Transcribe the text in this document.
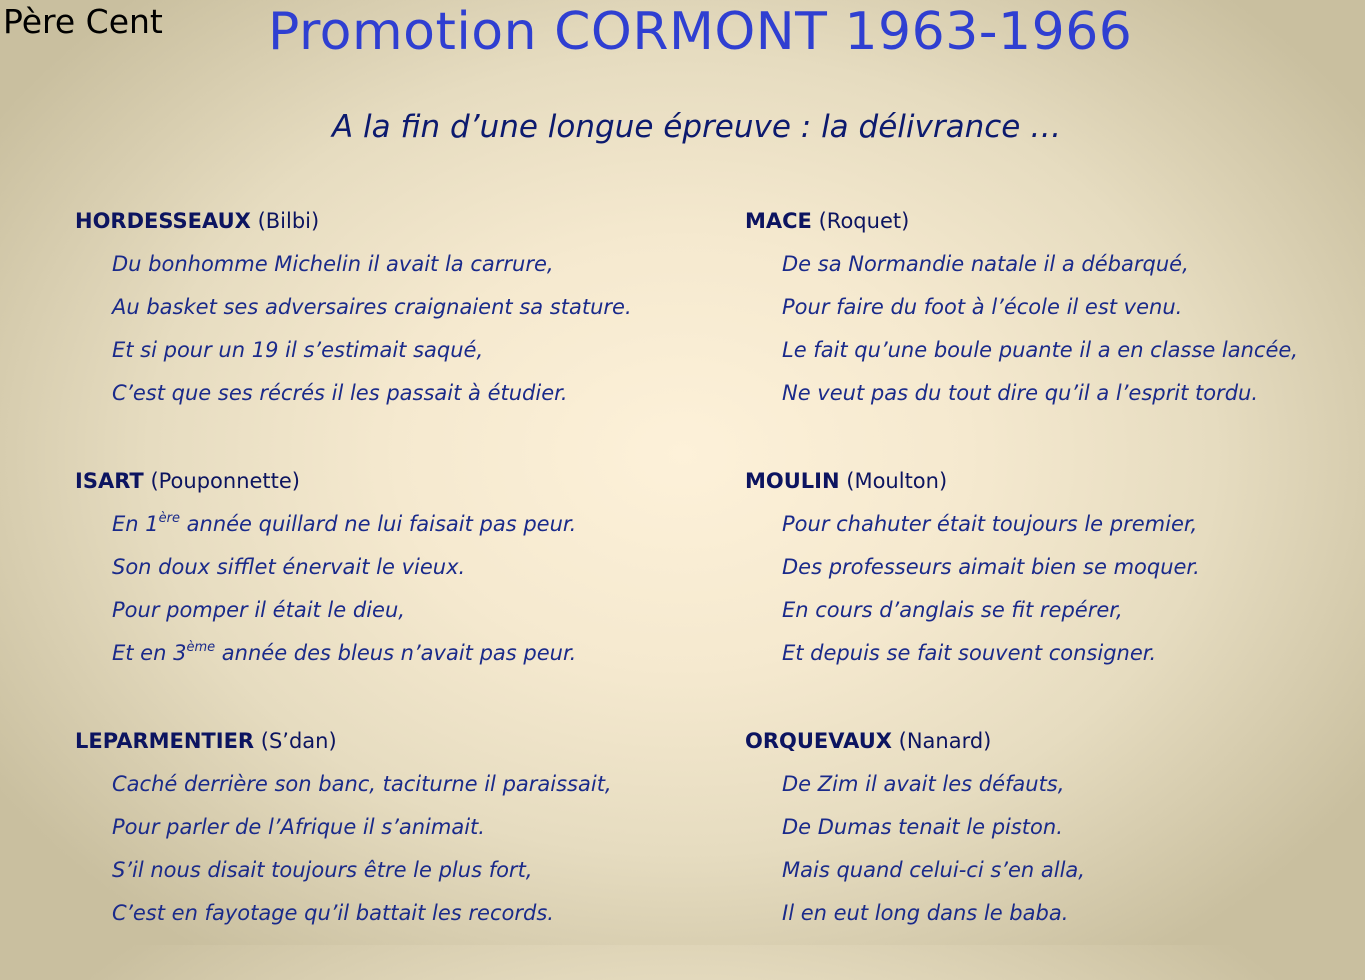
Père Cent Promotion CORMONT 1963-1966
A la fin d’une longue épreuve : la délivrance …
HORDESSEAUX (Bilbi)
Du bonhomme Michelin il avait la carrure,
Au basket ses adversaires craignaient sa stature.
Et si pour un 19 il s’estimait saqué,
C’est que ses récrés il les passait à étudier.
ISART (Pouponnette)
En 1ère année quillard ne lui faisait pas peur.
Son doux sifflet énervait le vieux.
Pour pomper il était le dieu,
Et en 3ème année des bleus n’avait pas peur.
LEPARMENTIER (S’dan)
Caché derrière son banc, taciturne il paraissait,
Pour parler de l’Afrique il s’animait.
S’il nous disait toujours être le plus fort,
C’est en fayotage qu’il battait les records.
MACE (Roquet)
De sa Normandie natale il a débarqué,
Pour faire du foot à l’école il est venu.
Le fait qu’une boule puante il a en classe lancée,
Ne veut pas du tout dire qu’il a l’esprit tordu.
MOULIN (Moulton)
Pour chahuter était toujours le premier,
Des professeurs aimait bien se moquer.
En cours d’anglais se fit repérer,
Et depuis se fait souvent consigner.
ORQUEVAUX (Nanard)
De Zim il avait les défauts,
De Dumas tenait le piston.
Mais quand celui-ci s’en alla,
Il en eut long dans le baba.
